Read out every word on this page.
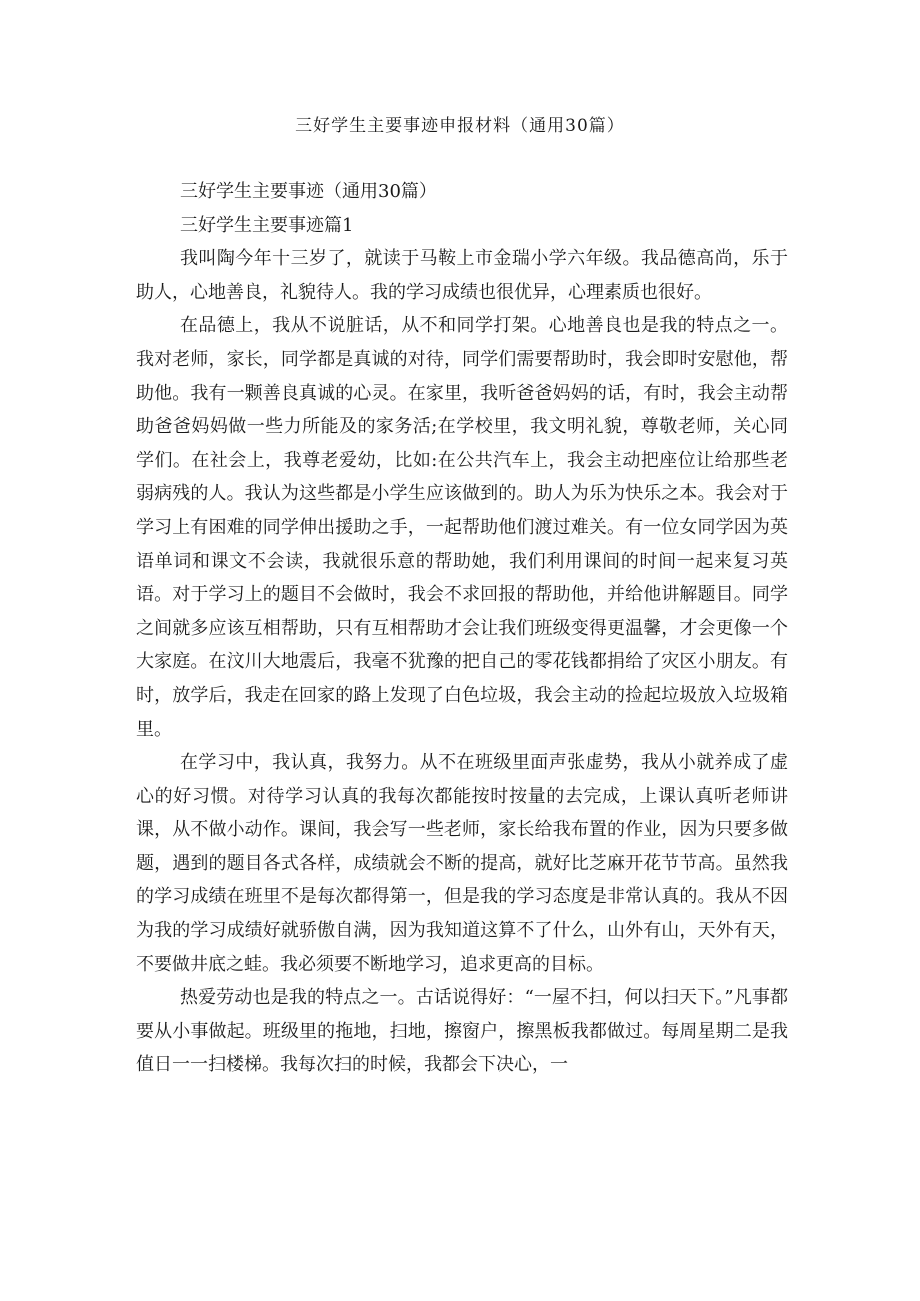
三好学生主要事迹申报材料（通用30篇）

三好学生主要事迹（通用30篇）

三好学生主要事迹篇1

我叫陶今年十三岁了，就读于马鞍上市金瑞小学六年级。我品德高尚，乐于助人，心地善良，礼貌待人。我的学习成绩也很优异，心理素质也很好。

在品德上，我从不说脏话，从不和同学打架。心地善良也是我的特点之一。我对老师，家长，同学都是真诚的对待，同学们需要帮助时，我会即时安慰他，帮助他。我有一颗善良真诚的心灵。在家里，我听爸爸妈妈的话，有时，我会主动帮助爸爸妈妈做一些力所能及的家务活;在学校里，我文明礼貌，尊敬老师，关心同学们。在社会上，我尊老爱幼，比如:在公共汽车上，我会主动把座位让给那些老弱病残的人。我认为这些都是小学生应该做到的。助人为乐为快乐之本。我会对于学习上有困难的同学伸出援助之手，一起帮助他们渡过难关。有一位女同学因为英语单词和课文不会读，我就很乐意的帮助她，我们利用课间的时间一起来复习英语。对于学习上的题目不会做时，我会不求回报的帮助他，并给他讲解题目。同学之间就多应该互相帮助，只有互相帮助才会让我们班级变得更温馨，才会更像一个大家庭。在汶川大地震后，我毫不犹豫的把自己的零花钱都捐给了灾区小朋友。有时，放学后，我走在回家的路上发现了白色垃圾，我会主动的捡起垃圾放入垃圾箱里。

在学习中，我认真，我努力。从不在班级里面声张虚势，我从小就养成了虚心的好习惯。对待学习认真的我每次都能按时按量的去完成，上课认真听老师讲课，从不做小动作。课间，我会写一些老师，家长给我布置的作业，因为只要多做题，遇到的题目各式各样，成绩就会不断的提高，就好比芝麻开花节节高。虽然我的学习成绩在班里不是每次都得第一，但是我的学习态度是非常认真的。我从不因为我的学习成绩好就骄傲自满，因为我知道这算不了什么，山外有山，天外有天，不要做井底之蛙。我必须要不断地学习，追求更高的目标。

热爱劳动也是我的特点之一。古话说得好：“一屋不扫，何以扫天下。”凡事都要从小事做起。班级里的拖地，扫地，擦窗户，擦黑板我都做过。每周星期二是我值日一一扫楼梯。我每次扫的时候，我都会下决心，一
